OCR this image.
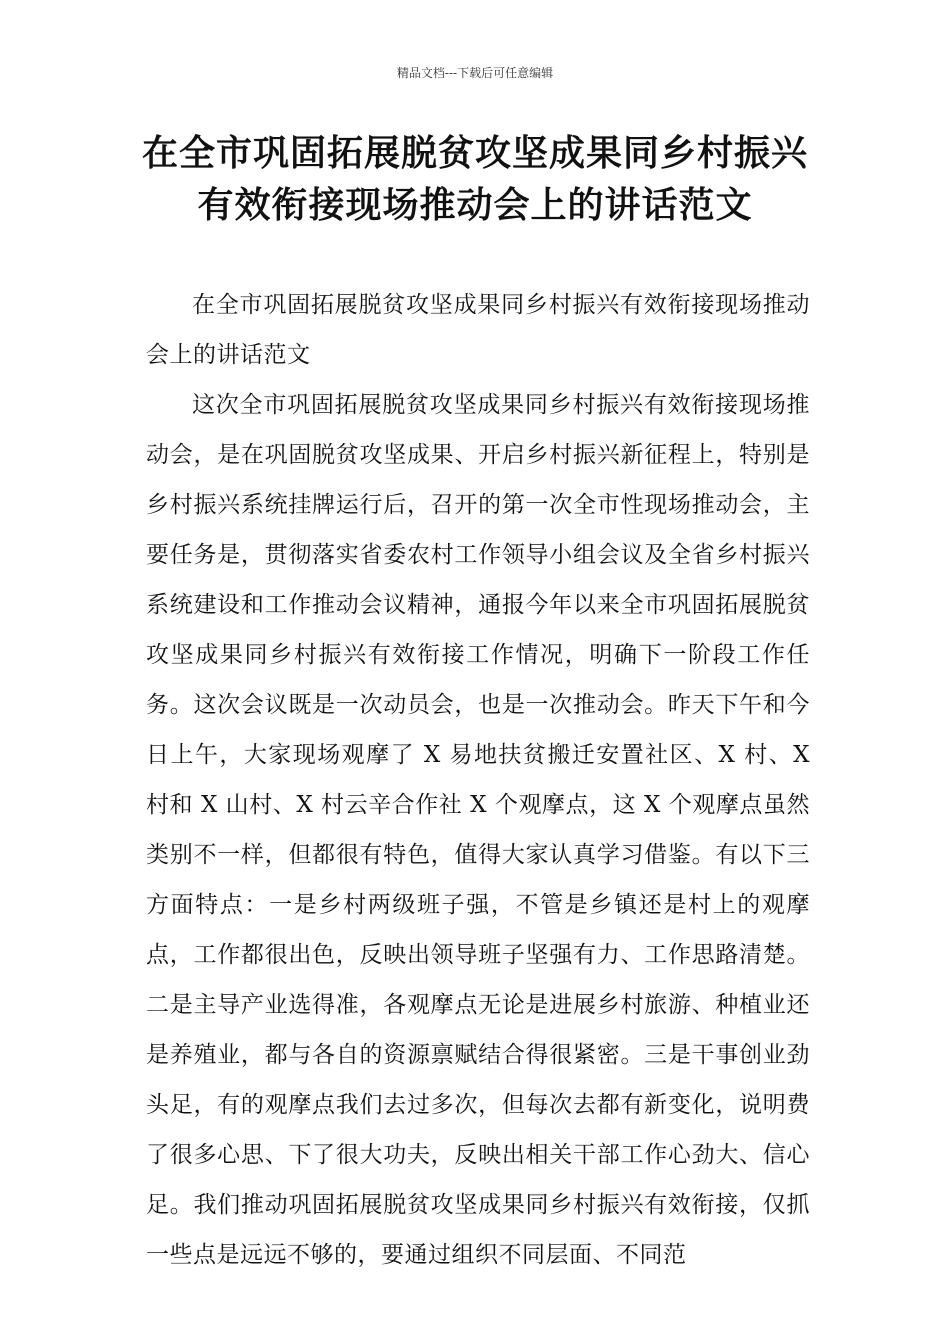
精品文档---下载后可任意编辑
在全市巩固拓展脱贫攻坚成果同乡村振兴有效衔接现场推动会上的讲话范文

在全市巩固拓展脱贫攻坚成果同乡村振兴有效衔接现场推动会上的讲话范文

这次全市巩固拓展脱贫攻坚成果同乡村振兴有效衔接现场推动会，是在巩固脱贫攻坚成果、开启乡村振兴新征程上，特别是乡村振兴系统挂牌运行后，召开的第一次全市性现场推动会，主要任务是，贯彻落实省委农村工作领导小组会议及全省乡村振兴系统建设和工作推动会议精神，通报今年以来全市巩固拓展脱贫攻坚成果同乡村振兴有效衔接工作情况，明确下一阶段工作任务。这次会议既是一次动员会，也是一次推动会。昨天下午和今日上午，大家现场观摩了 X 易地扶贫搬迁安置社区、X 村、X 村和 X 山村、X 村云辛合作社 X 个观摩点，这 X 个观摩点虽然类别不一样，但都很有特色，值得大家认真学习借鉴。有以下三方面特点：一是乡村两级班子强，不管是乡镇还是村上的观摩点，工作都很出色，反映出领导班子坚强有力、工作思路清楚。二是主导产业选得准，各观摩点无论是进展乡村旅游、种植业还是养殖业，都与各自的资源禀赋结合得很紧密。三是干事创业劲头足，有的观摩点我们去过多次，但每次去都有新变化，说明费了很多心思、下了很大功夫，反映出相关干部工作心劲大、信心足。我们推动巩固拓展脱贫攻坚成果同乡村振兴有效衔接，仅抓一些点是远远不够的，要通过组织不同层面、不同范
